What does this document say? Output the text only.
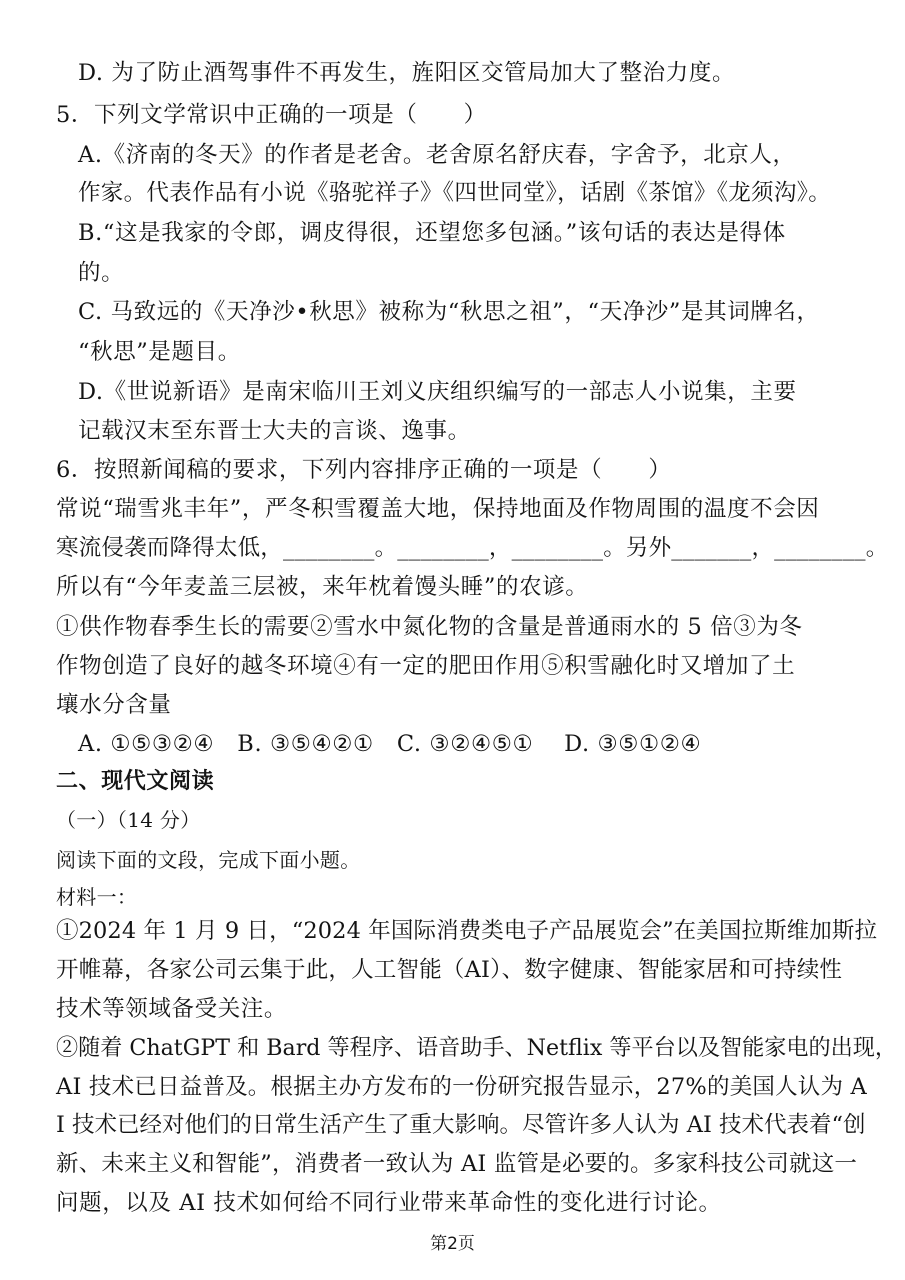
D. 为了防止酒驾事件不再发生，旌阳区交管局加大了整治力度。
5．下列文学常识中正确的一项是（　　）
A.《济南的冬天》的作者是老舍。老舍原名舒庆春，字舍予，北京人，
作家。代表作品有小说《骆驼祥子》《四世同堂》，话剧《茶馆》《龙须沟》。
B.“这是我家的令郎，调皮得很，还望您多包涵。”该句话的表达是得体
的。
C. 马致远的《天净沙•秋思》被称为“秋思之祖”，“天净沙”是其词牌名，
“秋思”是题目。
D.《世说新语》是南宋临川王刘义庆组织编写的一部志人小说集，主要
记载汉末至东晋士大夫的言谈、逸事。
6．按照新闻稿的要求，下列内容排序正确的一项是（　　）
常说“瑞雪兆丰年”，严冬积雪覆盖大地，保持地面及作物周围的温度不会因
寒流侵袭而降得太低，________。________，________。另外_______，________。
所以有“今年麦盖三层被，来年枕着馒头睡”的农谚。
①供作物春季生长的需要②雪水中氮化物的含量是普通雨水的 5 倍③为冬
作物创造了良好的越冬环境④有一定的肥田作用⑤积雪融化时又增加了土
壤水分含量
A. ①⑤③②④　B. ③⑤④②①　C. ③②④⑤①　 D. ③⑤①②④
二、现代文阅读
（一）（14 分）
阅读下面的文段，完成下面小题。
材料一：
①2024 年 1 月 9 日，“2024 年国际消费类电子产品展览会”在美国拉斯维加斯拉
开帷幕，各家公司云集于此，人工智能（AI）、数字健康、智能家居和可持续性
技术等领域备受关注。
②随着 ChatGPT 和 Bard 等程序、语音助手、Netflix 等平台以及智能家电的出现，
AI 技术已日益普及。根据主办方发布的一份研究报告显示，27%的美国人认为 A
I 技术已经对他们的日常生活产生了重大影响。尽管许多人认为 AI 技术代表着“创
新、未来主义和智能”，消费者一致认为 AI 监管是必要的。多家科技公司就这一
问题，以及 AI 技术如何给不同行业带来革命性的变化进行讨论。
第2页
